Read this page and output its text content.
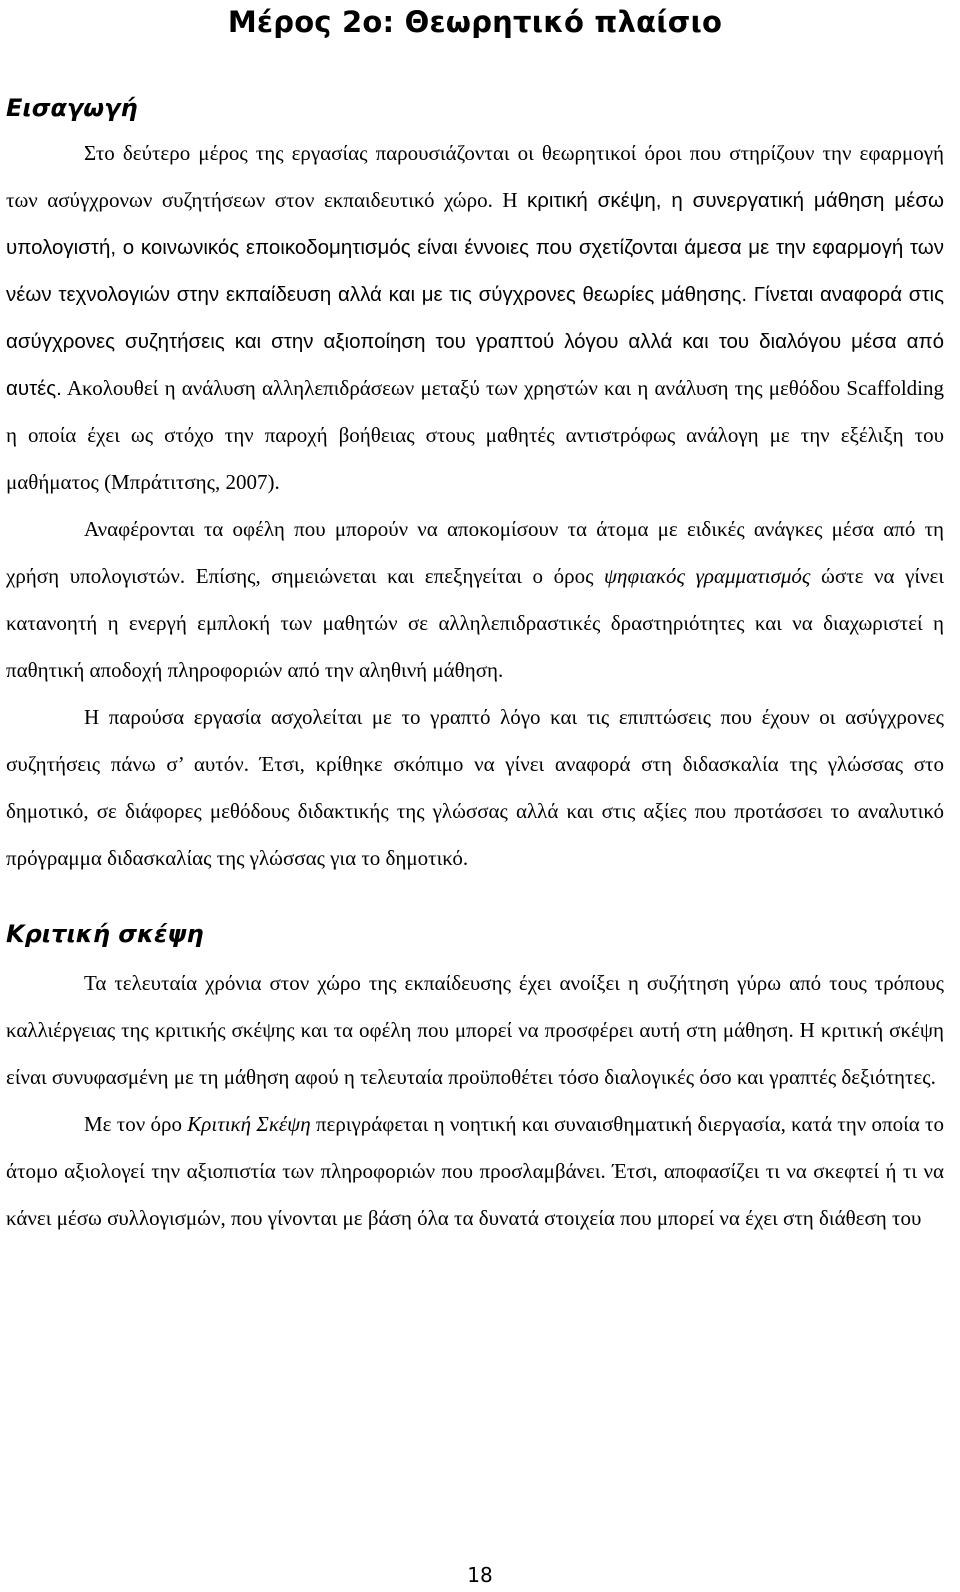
Μέρος 2ο: Θεωρητικό πλαίσιο
Εισαγωγή

Στο δεύτερο μέρος της εργασίας παρουσιάζονται οι θεωρητικοί όροι που στηρίζουν την εφαρμογή των ασύγχρονων συζητήσεων στον εκπαιδευτικό χώρο. Η κριτική σκέψη, η συνεργατική μάθηση μέσω υπολογιστή, ο κοινωνικός εποικοδομητισμός είναι έννοιες που σχετίζονται άμεσα με την εφαρμογή των νέων τεχνολογιών στην εκπαίδευση αλλά και με τις σύγχρονες θεωρίες μάθησης. Γίνεται αναφορά στις ασύγχρονες συζητήσεις και στην αξιοποίηση του γραπτού λόγου αλλά και του διαλόγου μέσα από αυτές. Ακολουθεί η ανάλυση αλληλεπιδράσεων μεταξύ των χρηστών και η ανάλυση της μεθόδου Scaffolding η οποία έχει ως στόχο την παροχή βοήθειας στους μαθητές αντιστρόφως ανάλογη με την εξέλιξη του μαθήματος (Μπράτιτσης, 2007).

Αναφέρονται τα οφέλη που μπορούν να αποκομίσουν τα άτομα με ειδικές ανάγκες μέσα από τη χρήση υπολογιστών. Επίσης, σημειώνεται και επεξηγείται ο όρος ψηφιακός γραμματισμός ώστε να γίνει κατανοητή η ενεργή εμπλοκή των μαθητών σε αλληλεπιδραστικές δραστηριότητες και να διαχωριστεί η παθητική αποδοχή πληροφοριών από την αληθινή μάθηση.

Η παρούσα εργασία ασχολείται με το γραπτό λόγο και τις επιπτώσεις που έχουν οι ασύγχρονες συζητήσεις πάνω σ’ αυτόν. Έτσι, κρίθηκε σκόπιμο να γίνει αναφορά στη διδασκαλία της γλώσσας στο δημοτικό, σε διάφορες μεθόδους διδακτικής της γλώσσας αλλά και στις αξίες που προτάσσει το αναλυτικό πρόγραμμα διδασκαλίας της γλώσσας για το δημοτικό.

Κριτική σκέψη

Τα τελευταία χρόνια στον χώρο της εκπαίδευσης έχει ανοίξει η συζήτηση γύρω από τους τρόπους καλλιέργειας της κριτικής σκέψης και τα οφέλη που μπορεί να προσφέρει αυτή στη μάθηση. Η κριτική σκέψη είναι συνυφασμένη με τη μάθηση αφού η τελευταία προϋποθέτει τόσο διαλογικές όσο και γραπτές δεξιότητες.

Με τον όρο Κριτική Σκέψη περιγράφεται η νοητική και συναισθηματική διεργασία, κατά την οποία το άτομο αξιολογεί την αξιοπιστία των πληροφοριών που προσλαμβάνει. Έτσι, αποφασίζει τι να σκεφτεί ή τι να κάνει μέσω συλλογισμών, που γίνονται με βάση όλα τα δυνατά στοιχεία που μπορεί να έχει στη διάθεση του

18
